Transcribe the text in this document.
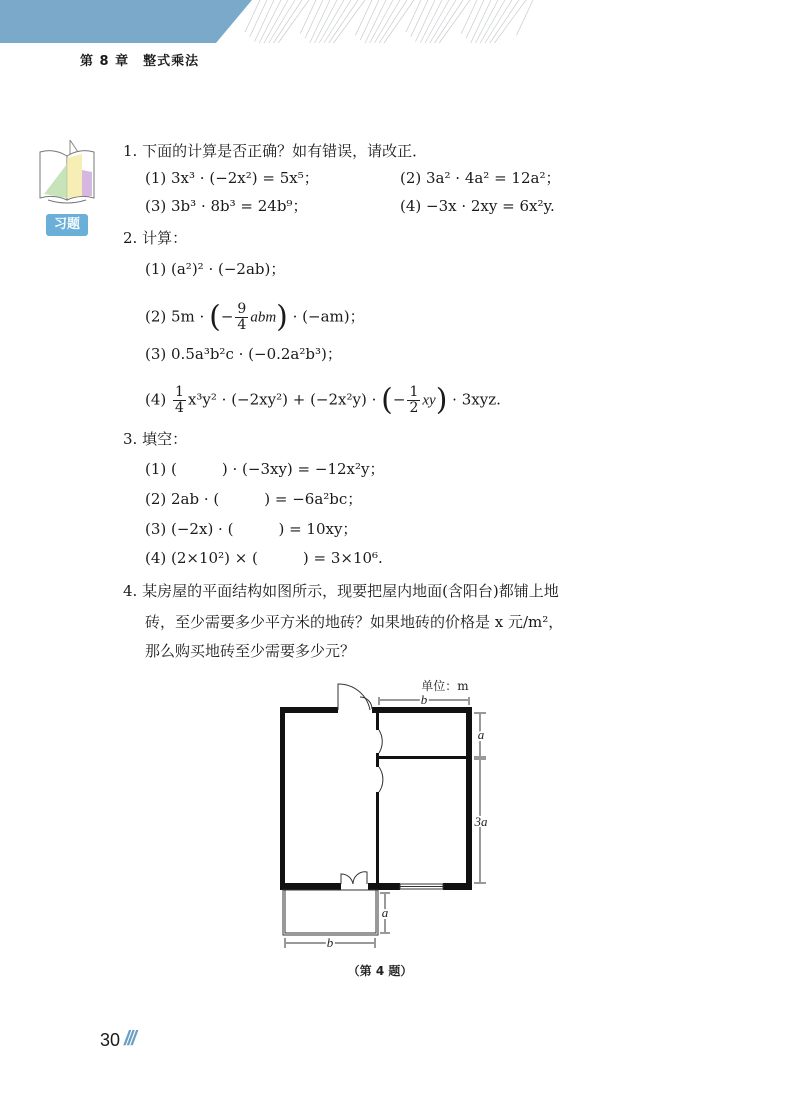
第 8 章　整式乘法
习题
1. 下面的计算是否正确？如有错误，请改正．
(1) 3x³ · (−2x²) = 5x⁵；	(2) 3a² · 4a² = 12a²；
(3) 3b³ · 8b³ = 24b⁹；	(4) −3x · 2xy = 6x²y.
2. 计算：
(1) (a²)² · (−2ab)；
(2) 5m · (− $\frac{9}{4} abm) \cdot (-am)$；
(3) 0.5a³b²c · (−0.2a²b³)；
$(4) \frac{1}{4} x^3y^2 \cdot (-2xy^2) + (-2x^2y)$ · (− $\frac{1}{2} xy) \cdot 3xyz$.
3. 填空：
(1) (　　　) · (−3xy) = −12x²y；
(2) 2ab · (　　　) = −6a²bc；
(3) (−2x) · (　　　) = 10xy；
(4) (2×10²) × (　　　) = 3×10⁶.
4. 某房屋的平面结构如图所示，现要把屋内地面(含阳台)都铺上地
砖，至少需要多少平方米的地砖？如果地砖的价格是 x 元/m²，
那么购买地砖至少需要多少元？
单位：m
b
a
3a
a
b
（第 4 题）
30 ///
